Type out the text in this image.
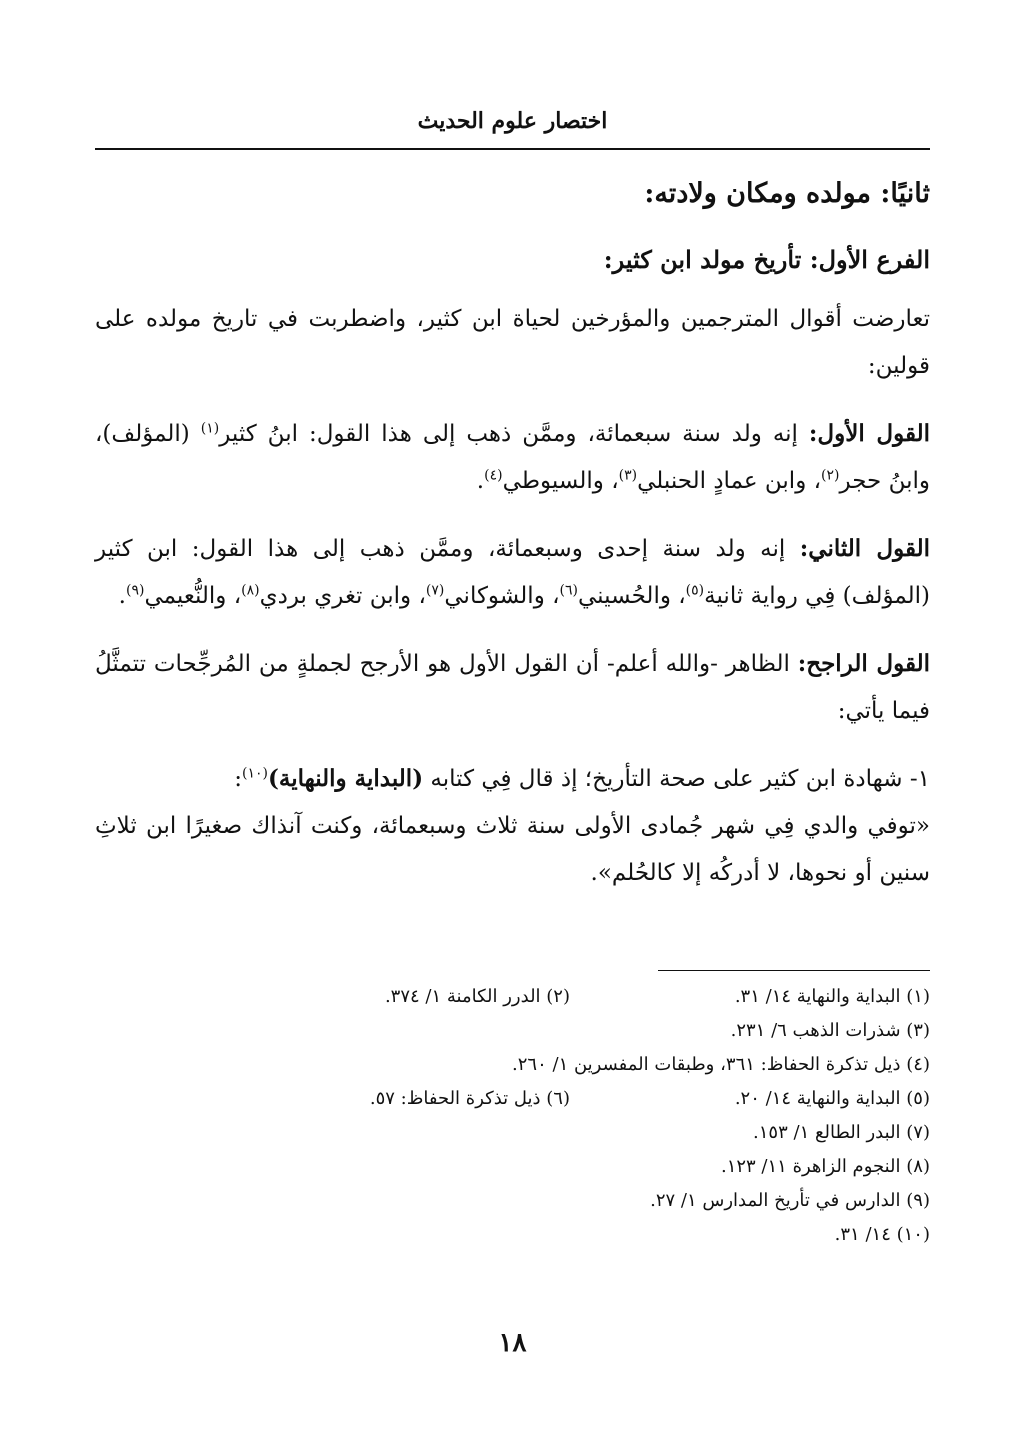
اختصار علوم الحديث
ثانيًا: مولده ومكان ولادته:
الفرع الأول: تأريخ مولد ابن كثير:

تعارضت أقوال المترجمين والمؤرخين لحياة ابن كثير، واضطربت في تاريخ مولده على قولين:

القول الأول: إنه ولد سنة سبعمائة، وممَّن ذهب إلى هذا القول: ابنُ كثير$^{(١)}$ (المؤلف)، وابنُ حجر$^{(٢)}$، وابن عمادٍ الحنبلي$^{(٣)}$، والسيوطي$^{(٤)}$.

القول الثاني: إنه ولد سنة إحدى وسبعمائة، وممَّن ذهب إلى هذا القول: ابن كثير (المؤلف) فِي رواية ثانية$^{(٥)}$، والحُسيني$^{(٦)}$، والشوكاني$^{(٧)}$، وابن تغري بردي$^{(٨)}$، والنُّعيمي$^{(٩)}$.

القول الراجح: الظاهر -والله أعلم- أن القول الأول هو الأرجح لجملةٍ من المُرجِّحات تتمثَّلُ فيما يأتي:

١- شهادة ابن كثير على صحة التأريخ؛ إذ قال فِي كتابه (البداية والنهاية)$^{(١٠)}$:
«توفي والدي فِي شهر جُمادى الأولى سنة ثلاث وسبعمائة، وكنت آنذاك صغيرًا ابن ثلاثِ سنين أو نحوها، لا أدركُه إلا كالحُلم».

(١) البداية والنهاية ١٤/ ٣١.
(٢) الدرر الكامنة ١/ ٣٧٤.
(٣) شذرات الذهب ٦/ ٢٣١.
(٤) ذيل تذكرة الحفاظ: ٣٦١، وطبقات المفسرين ١/ ٢٦٠.
(٥) البداية والنهاية ١٤/ ٢٠.
(٦) ذيل تذكرة الحفاظ: ٥٧.
(٧) البدر الطالع ١/ ١٥٣.
(٨) النجوم الزاهرة ١١/ ١٢٣.
(٩) الدارس في تأريخ المدارس ١/ ٢٧.
(١٠) ١٤/ ٣١.
١٨
